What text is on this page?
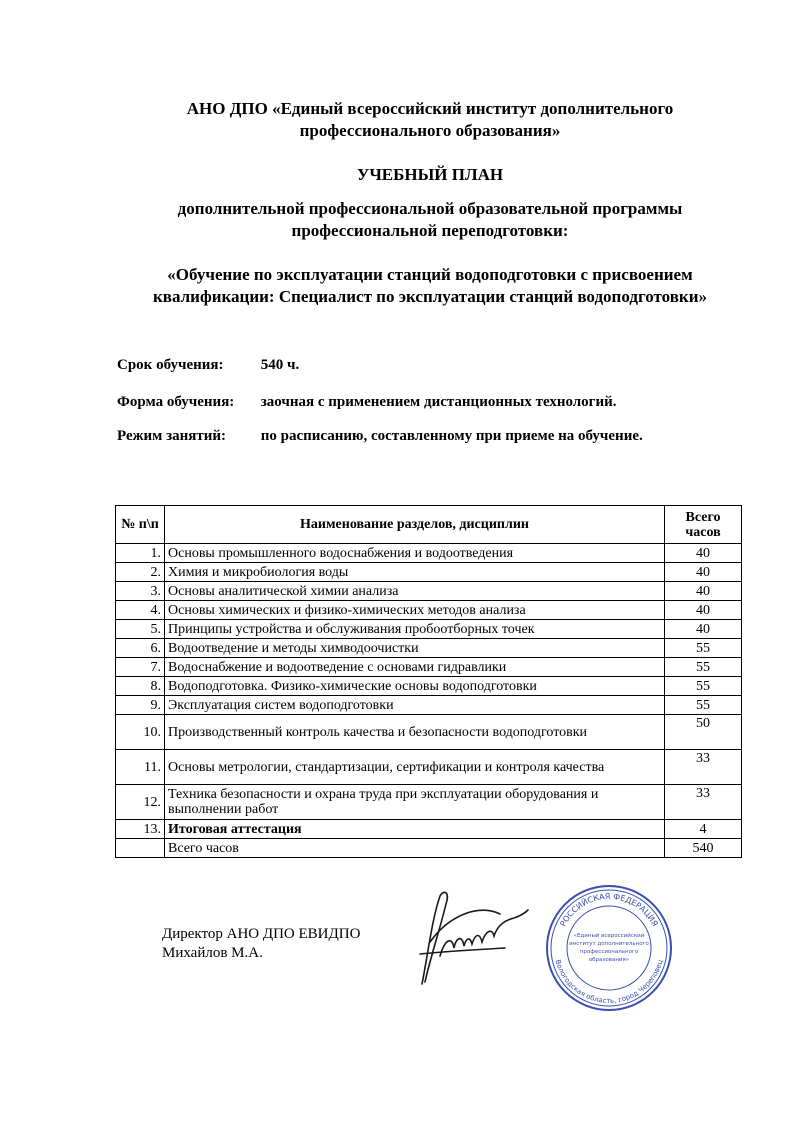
АНО ДПО «Единый всероссийский институт дополнительного
профессионального образования»
УЧЕБНЫЙ ПЛАН
дополнительной профессиональной образовательной программы
профессиональной переподготовки:
«Обучение по эксплуатации станций водоподготовки с присвоением
квалификации: Специалист по эксплуатации станций водоподготовки»
Срок обучения: 540 ч.
Форма обучения: заочная с применением дистанционных технологий.
Режим занятий: по расписанию, составленному при приеме на обучение.
№ п\п	Наименование разделов, дисциплин	Всего часов
1.	Основы промышленного водоснабжения и водоотведения	40
2.	Химия и микробиология воды	40
3.	Основы аналитической химии анализа	40
4.	Основы химических и физико-химических методов анализа	40
5.	Принципы устройства и обслуживания пробоотборных точек	40
6.	Водоотведение и методы химводоочистки	55
7.	Водоснабжение и водоотведение с основами гидравлики	55
8.	Водоподготовка. Физико-химические основы водоподготовки	55
9.	Эксплуатация систем водоподготовки	55
10.	Производственный контроль качества и безопасности водоподготовки	50
11.	Основы метрологии, стандартизации, сертификации и контроля качества	33
12.	Техника безопасности и охрана труда при эксплуатации оборудования и выполнении работ	33
13.	Итоговая аттестация	4
	Всего часов	540
Директор АНО ДПО ЕВИДПО
Михайлов М.А.
РОССИЙСКАЯ ФЕДЕРАЦИЯ
Вологодская область, город Череповец
«Единый всероссийский
институт дополнительного
профессионального
образования»
